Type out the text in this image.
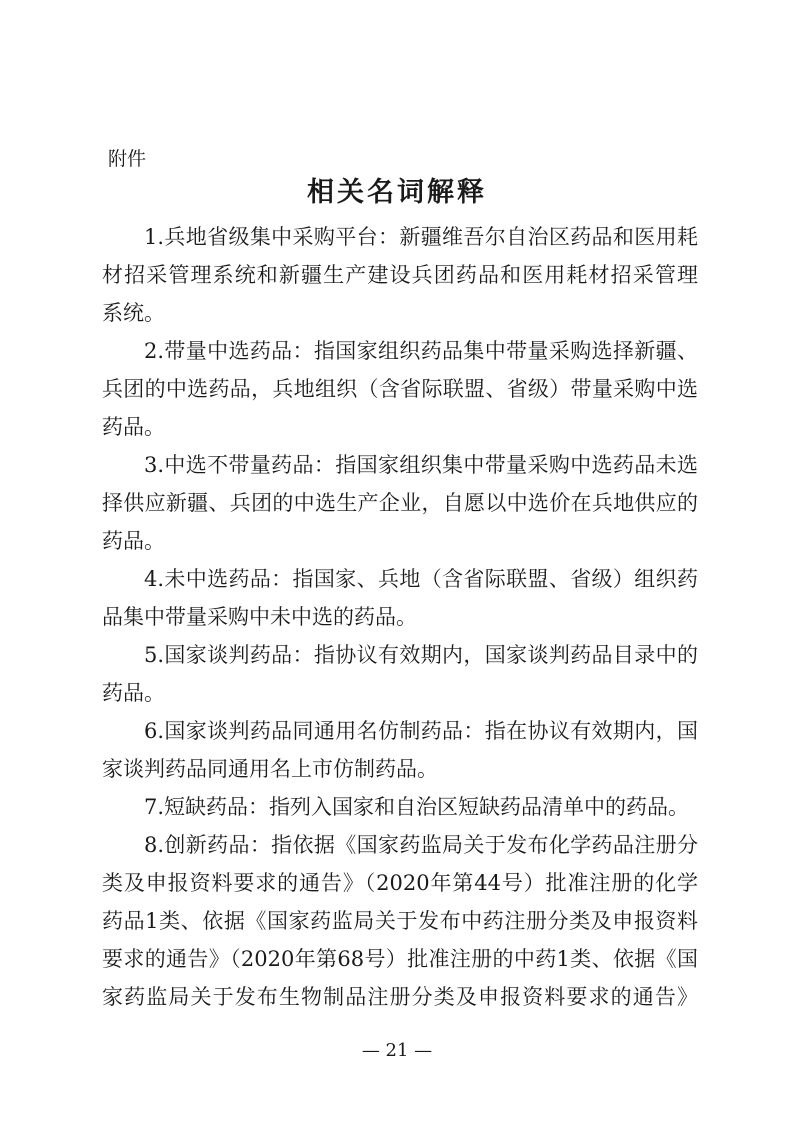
附件
相关名词解释
1.兵地省级集中采购平台：新疆维吾尔自治区药品和医用耗
材招采管理系统和新疆生产建设兵团药品和医用耗材招采管理
系统。
2.带量中选药品：指国家组织药品集中带量采购选择新疆、
兵团的中选药品，兵地组织（含省际联盟、省级）带量采购中选
药品。
3.中选不带量药品：指国家组织集中带量采购中选药品未选
择供应新疆、兵团的中选生产企业，自愿以中选价在兵地供应的
药品。
4.未中选药品：指国家、兵地（含省际联盟、省级）组织药
品集中带量采购中未中选的药品。
5.国家谈判药品：指协议有效期内，国家谈判药品目录中的
药品。
6.国家谈判药品同通用名仿制药品：指在协议有效期内，国
家谈判药品同通用名上市仿制药品。
7.短缺药品：指列入国家和自治区短缺药品清单中的药品。
8.创新药品：指依据《国家药监局关于发布化学药品注册分
类及申报资料要求的通告》（2020年第44号）批准注册的化学
药品1类、依据《国家药监局关于发布中药注册分类及申报资料
要求的通告》（2020年第68号）批准注册的中药1类、依据《国
家药监局关于发布生物制品注册分类及申报资料要求的通告》
— 21 —
